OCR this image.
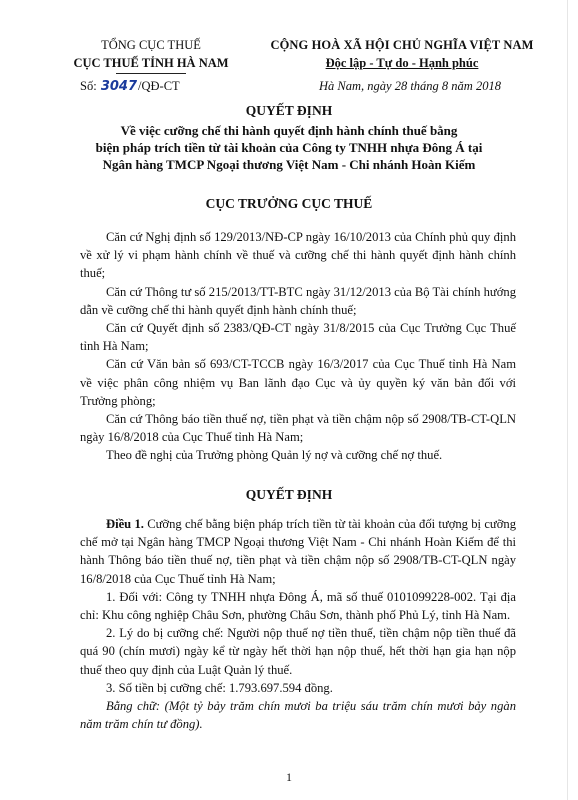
TỔNG CỤC THUẾ
CỤC THUẾ TỈNH HÀ NAM
Số: 3047/QĐ-CT
CỘNG HOÀ XÃ HỘI CHỦ NGHĨA VIỆT NAM
Độc lập - Tự do - Hạnh phúc
Hà Nam, ngày 28 tháng 8 năm 2018
QUYẾT ĐỊNH
Về việc cưỡng chế thi hành quyết định hành chính thuế bằng
biện pháp trích tiền từ tài khoản của Công ty TNHH nhựa Đông Á tại
Ngân hàng TMCP Ngoại thương Việt Nam - Chi nhánh Hoàn Kiếm
CỤC TRƯỞNG CỤC THUẾ

Căn cứ Nghị định số 129/2013/NĐ-CP ngày 16/10/2013 của Chính phủ quy định về xử lý vi phạm hành chính về thuế và cưỡng chế thi hành quyết định hành chính thuế;

Căn cứ Thông tư số 215/2013/TT-BTC ngày 31/12/2013 của Bộ Tài chính hướng dẫn về cưỡng chế thi hành quyết định hành chính thuế;

Căn cứ Quyết định số 2383/QĐ-CT ngày 31/8/2015 của Cục Trưởng Cục Thuế tỉnh Hà Nam;

Căn cứ Văn bản số 693/CT-TCCB ngày 16/3/2017 của Cục Thuế tỉnh Hà Nam về việc phân công nhiệm vụ Ban lãnh đạo Cục và ủy quyền ký văn bản đối với Trưởng phòng;

Căn cứ Thông báo tiền thuế nợ, tiền phạt và tiền chậm nộp số 2908/TB-CT-QLN ngày 16/8/2018 của Cục Thuế tỉnh Hà Nam;

Theo đề nghị của Trưởng phòng Quản lý nợ và cưỡng chế nợ thuế.

QUYẾT ĐỊNH

Điều 1. Cưỡng chế bằng biện pháp trích tiền từ tài khoản của đối tượng bị cưỡng chế mở tại Ngân hàng TMCP Ngoại thương Việt Nam - Chi nhánh Hoàn Kiếm để thi hành Thông báo tiền thuế nợ, tiền phạt và tiền chậm nộp số 2908/TB-CT-QLN ngày 16/8/2018 của Cục Thuế tỉnh Hà Nam;

1. Đối với: Công ty TNHH nhựa Đông Á, mã số thuế 0101099228-002. Tại địa chỉ: Khu công nghiệp Châu Sơn, phường Châu Sơn, thành phố Phủ Lý, tỉnh Hà Nam.

2. Lý do bị cưỡng chế: Người nộp thuế nợ tiền thuế, tiền chậm nộp tiền thuế đã quá 90 (chín mươi) ngày kể từ ngày hết thời hạn nộp thuế, hết thời hạn gia hạn nộp thuế theo quy định của Luật Quản lý thuế.

3. Số tiền bị cưỡng chế: 1.793.697.594 đồng.

Bằng chữ: (Một tỷ bảy trăm chín mươi ba triệu sáu trăm chín mươi bảy ngàn năm trăm chín tư đồng).

1
